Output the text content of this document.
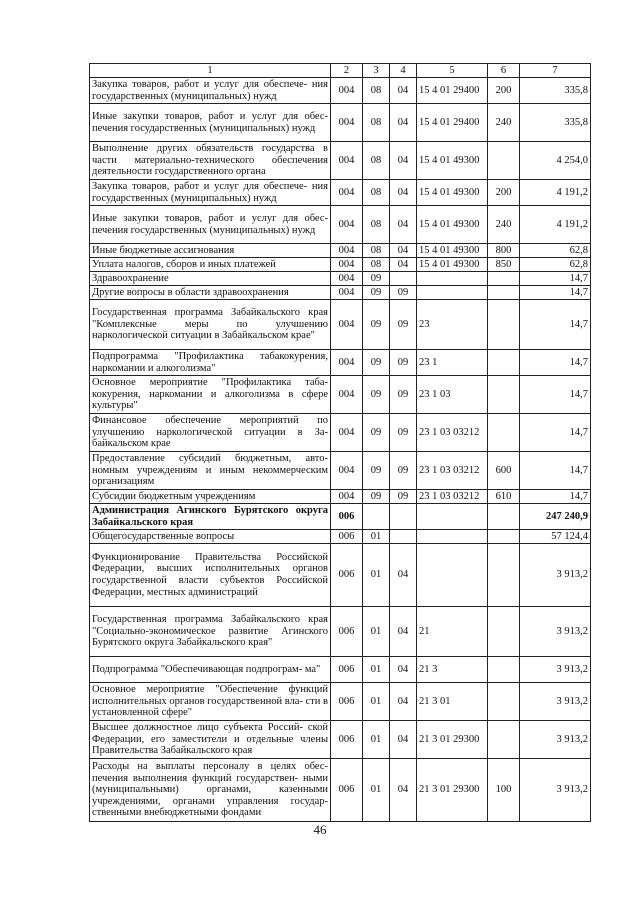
1	2	3	4	5	6	7
Закупка товаров, работ и услуг для обеспече- ния государственных (муниципальных) нужд	004	08	04	15 4 01 29400	200	335,8
Иные закупки товаров, работ и услуг для обес- печения государственных (муниципальных) нужд	004	08	04	15 4 01 29400	240	335,8
Выполнение других обязательств государства в части материально-технического обеспечения деятельности государственного органа	004	08	04	15 4 01 49300		4 254,0
Закупка товаров, работ и услуг для обеспече- ния государственных (муниципальных) нужд	004	08	04	15 4 01 49300	200	4 191,2
Иные закупки товаров, работ и услуг для обес- печения государственных (муниципальных) нужд	004	08	04	15 4 01 49300	240	4 191,2
Иные бюджетные ассигнования	004	08	04	15 4 01 49300	800	62,8
Уплата налогов, сборов и иных платежей	004	08	04	15 4 01 49300	850	62,8
Здравоохранение	004	09				14,7
Другие вопросы в области здравоохранения	004	09	09			14,7
Государственная программа Забайкальского края "Комплексные меры по улучшению наркологической ситуации в Забайкальском крае"	004	09	09	23		14,7
Подпрограмма "Профилактика табакокурения, наркомании и алкоголизма"	004	09	09	23 1		14,7
Основное мероприятие "Профилактика таба- кокурения, наркомании и алкоголизма в сфере культуры"	004	09	09	23 1 03		14,7
Финансовое обеспечение мероприятий по улучшению наркологической ситуации в За- байкальском крае	004	09	09	23 1 03 03212		14,7
Предоставление субсидий бюджетным, авто- номным учреждениям и иным некоммерческим организациям	004	09	09	23 1 03 03212	600	14,7
Субсидии бюджетным учреждениям	004	09	09	23 1 03 03212	610	14,7
Администрация Агинского Бурятского округа Забайкальского края	006					247 240,9
Общегосударственные вопросы	006	01				57 124,4
Функционирование Правительства Российской Федерации, высших исполнительных органов государственной власти субъектов Российской Федерации, местных администраций	006	01	04			3 913,2
Государственная программа Забайкальского края "Социально-экономическое развитие Агинского Бурятского округа Забайкальского края"	006	01	04	21		3 913,2
Подпрограмма "Обеспечивающая подпрограм- ма"	006	01	04	21 3		3 913,2
Основное мероприятие "Обеспечение функций исполнительных органов государственной вла- сти в установленной сфере"	006	01	04	21 3 01		3 913,2
Высшее должностное лицо субъекта Россий- ской Федерации, его заместители и отдельные члены Правительства Забайкальского края	006	01	04	21 3 01 29300		3 913,2
Расходы на выплаты персоналу в целях обес- печения выполнения функций государствен- ными (муниципальными) органами, казенными учреждениями, органами управления государ- ственными внебюджетными фондами	006	01	04	21 3 01 29300	100	3 913,2
46
